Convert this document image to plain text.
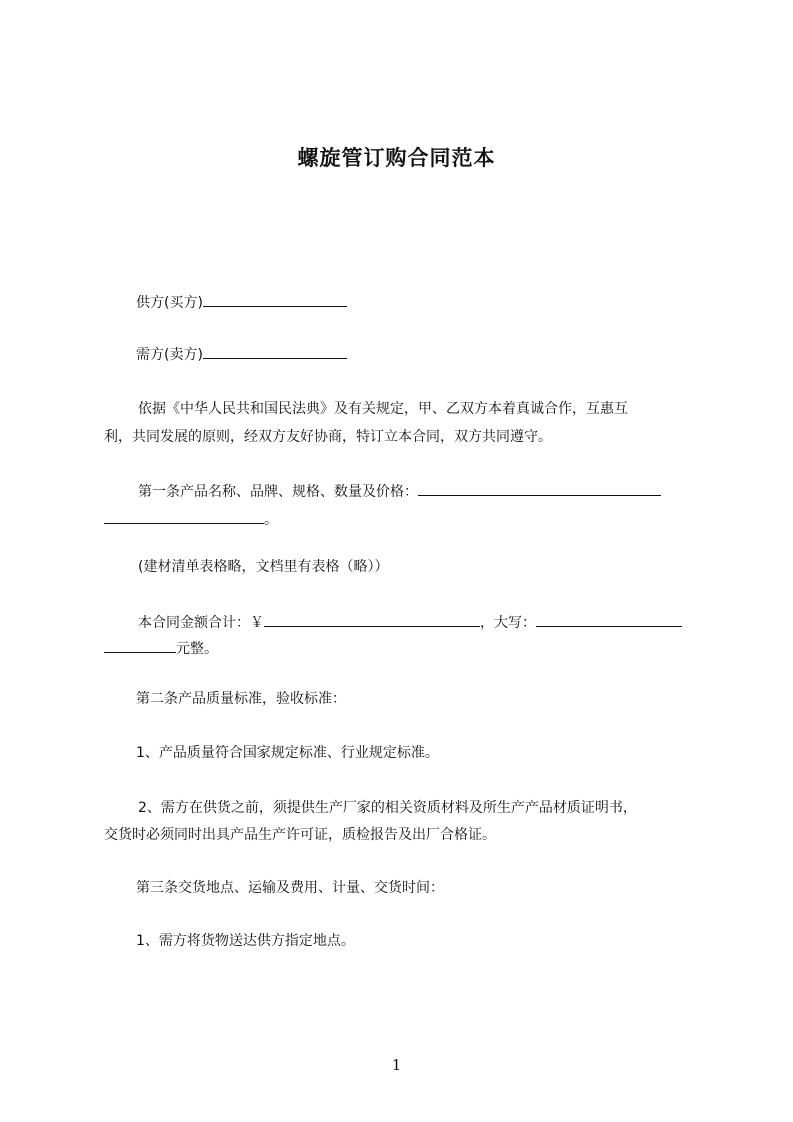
螺旋管订购合同范本
供方(买方)
需方(卖方)
依据《中华人民共和国民法典》及有关规定，甲、乙双方本着真诚合作，互惠互
利，共同发展的原则，经双方友好协商，特订立本合同，双方共同遵守。
第一条产品名称、品牌、规格、数量及价格：
。
(建材清单表格略，文档里有表格（略））
本合同金额合计：￥	，大写：
元整。
第二条产品质量标准，验收标准：
1、产品质量符合国家规定标准、行业规定标准。
2、需方在供货之前，须提供生产厂家的相关资质材料及所生产产品材质证明书，
交货时必须同时出具产品生产许可证，质检报告及出厂合格证。
第三条交货地点、运输及费用、计量、交货时间：
1、需方将货物送达供方指定地点。
1
